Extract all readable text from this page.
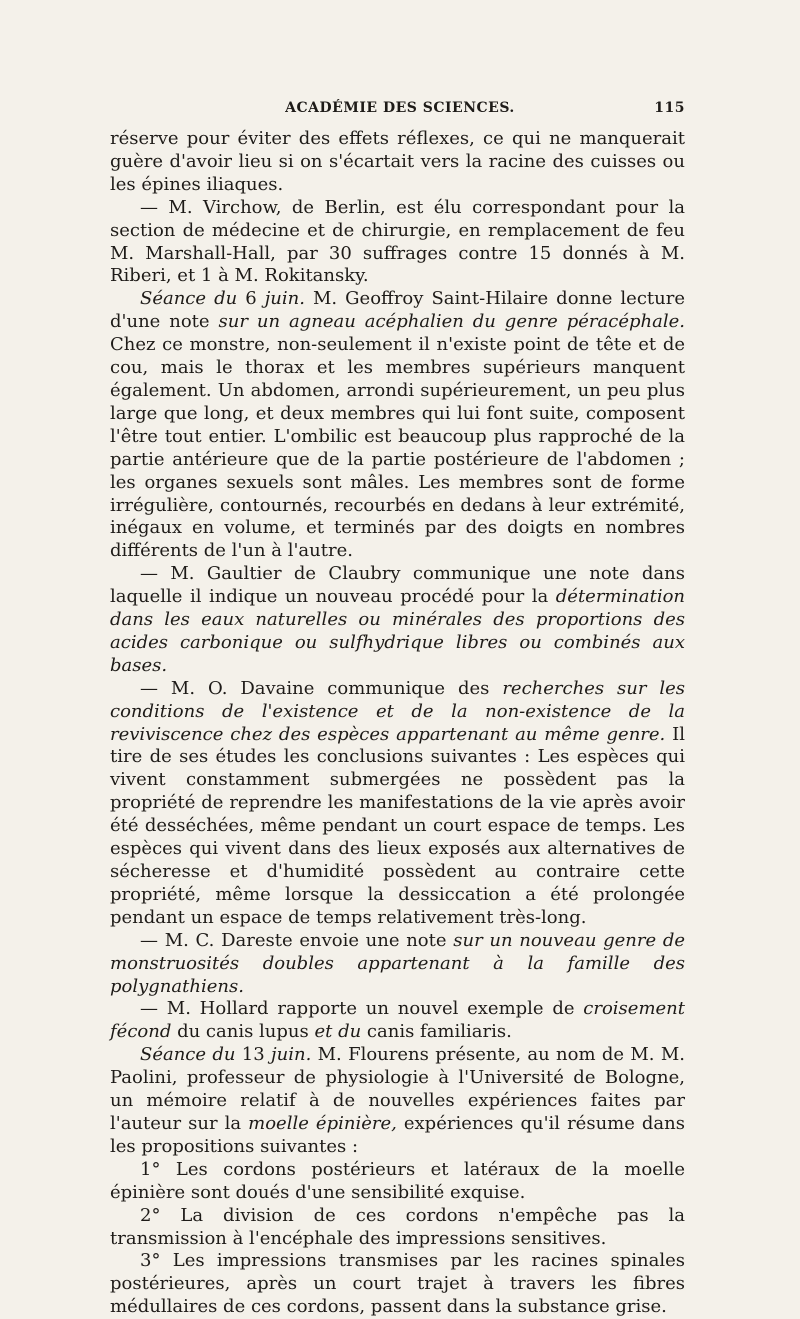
ACADÉMIE DES SCIENCES.	115

réserve pour éviter des effets réflexes, ce qui ne manquerait guère d'avoir lieu si on s'écartait vers la racine des cuisses ou les épines iliaques.

— M. Virchow, de Berlin, est élu correspondant pour la section de médecine et de chirurgie, en remplacement de feu M. Marshall-Hall, par 30 suffrages contre 15 donnés à M. Riberi, et 1 à M. Rokitansky.

Séance du 6 juin. M. Geoffroy Saint-Hilaire donne lecture d'une note sur un agneau acéphalien du genre péracéphale. Chez ce monstre, non-seulement il n'existe point de tête et de cou, mais le thorax et les membres supérieurs manquent également. Un abdomen, arrondi supérieurement, un peu plus large que long, et deux membres qui lui font suite, composent l'être tout entier. L'ombilic est beaucoup plus rapproché de la partie antérieure que de la partie postérieure de l'abdomen ; les organes sexuels sont mâles. Les membres sont de forme irrégulière, contournés, recourbés en dedans à leur extrémité, inégaux en volume, et terminés par des doigts en nombres différents de l'un à l'autre.

— M. Gaultier de Claubry communique une note dans laquelle il indique un nouveau procédé pour la détermination dans les eaux naturelles ou minérales des proportions des acides carbonique ou sulfhydrique libres ou combinés aux bases.

— M. O. Davaine communique des recherches sur les conditions de l'existence et de la non-existence de la reviviscence chez des espèces appartenant au même genre. Il tire de ses études les conclusions suivantes : Les espèces qui vivent constamment submergées ne possèdent pas la propriété de reprendre les manifestations de la vie après avoir été desséchées, même pendant un court espace de temps. Les espèces qui vivent dans des lieux exposés aux alternatives de sécheresse et d'humidité possèdent au contraire cette propriété, même lorsque la dessiccation a été prolongée pendant un espace de temps relativement très-long.

— M. C. Dareste envoie une note sur un nouveau genre de monstruosités doubles appartenant à la famille des polygnathiens.

— M. Hollard rapporte un nouvel exemple de croisement fécond du canis lupus et du canis familiaris.

Séance du 13 juin. M. Flourens présente, au nom de M. M. Paolini, professeur de physiologie à l'Université de Bologne, un mémoire relatif à de nouvelles expériences faites par l'auteur sur la moelle épinière, expériences qu'il résume dans les propositions suivantes :

1° Les cordons postérieurs et latéraux de la moelle épinière sont doués d'une sensibilité exquise.

2° La division de ces cordons n'empêche pas la transmission à l'encéphale des impressions sensitives.

3° Les impressions transmises par les racines spinales postérieures, après un court trajet à travers les fibres médullaires de ces cordons, passent dans la substance grise.
